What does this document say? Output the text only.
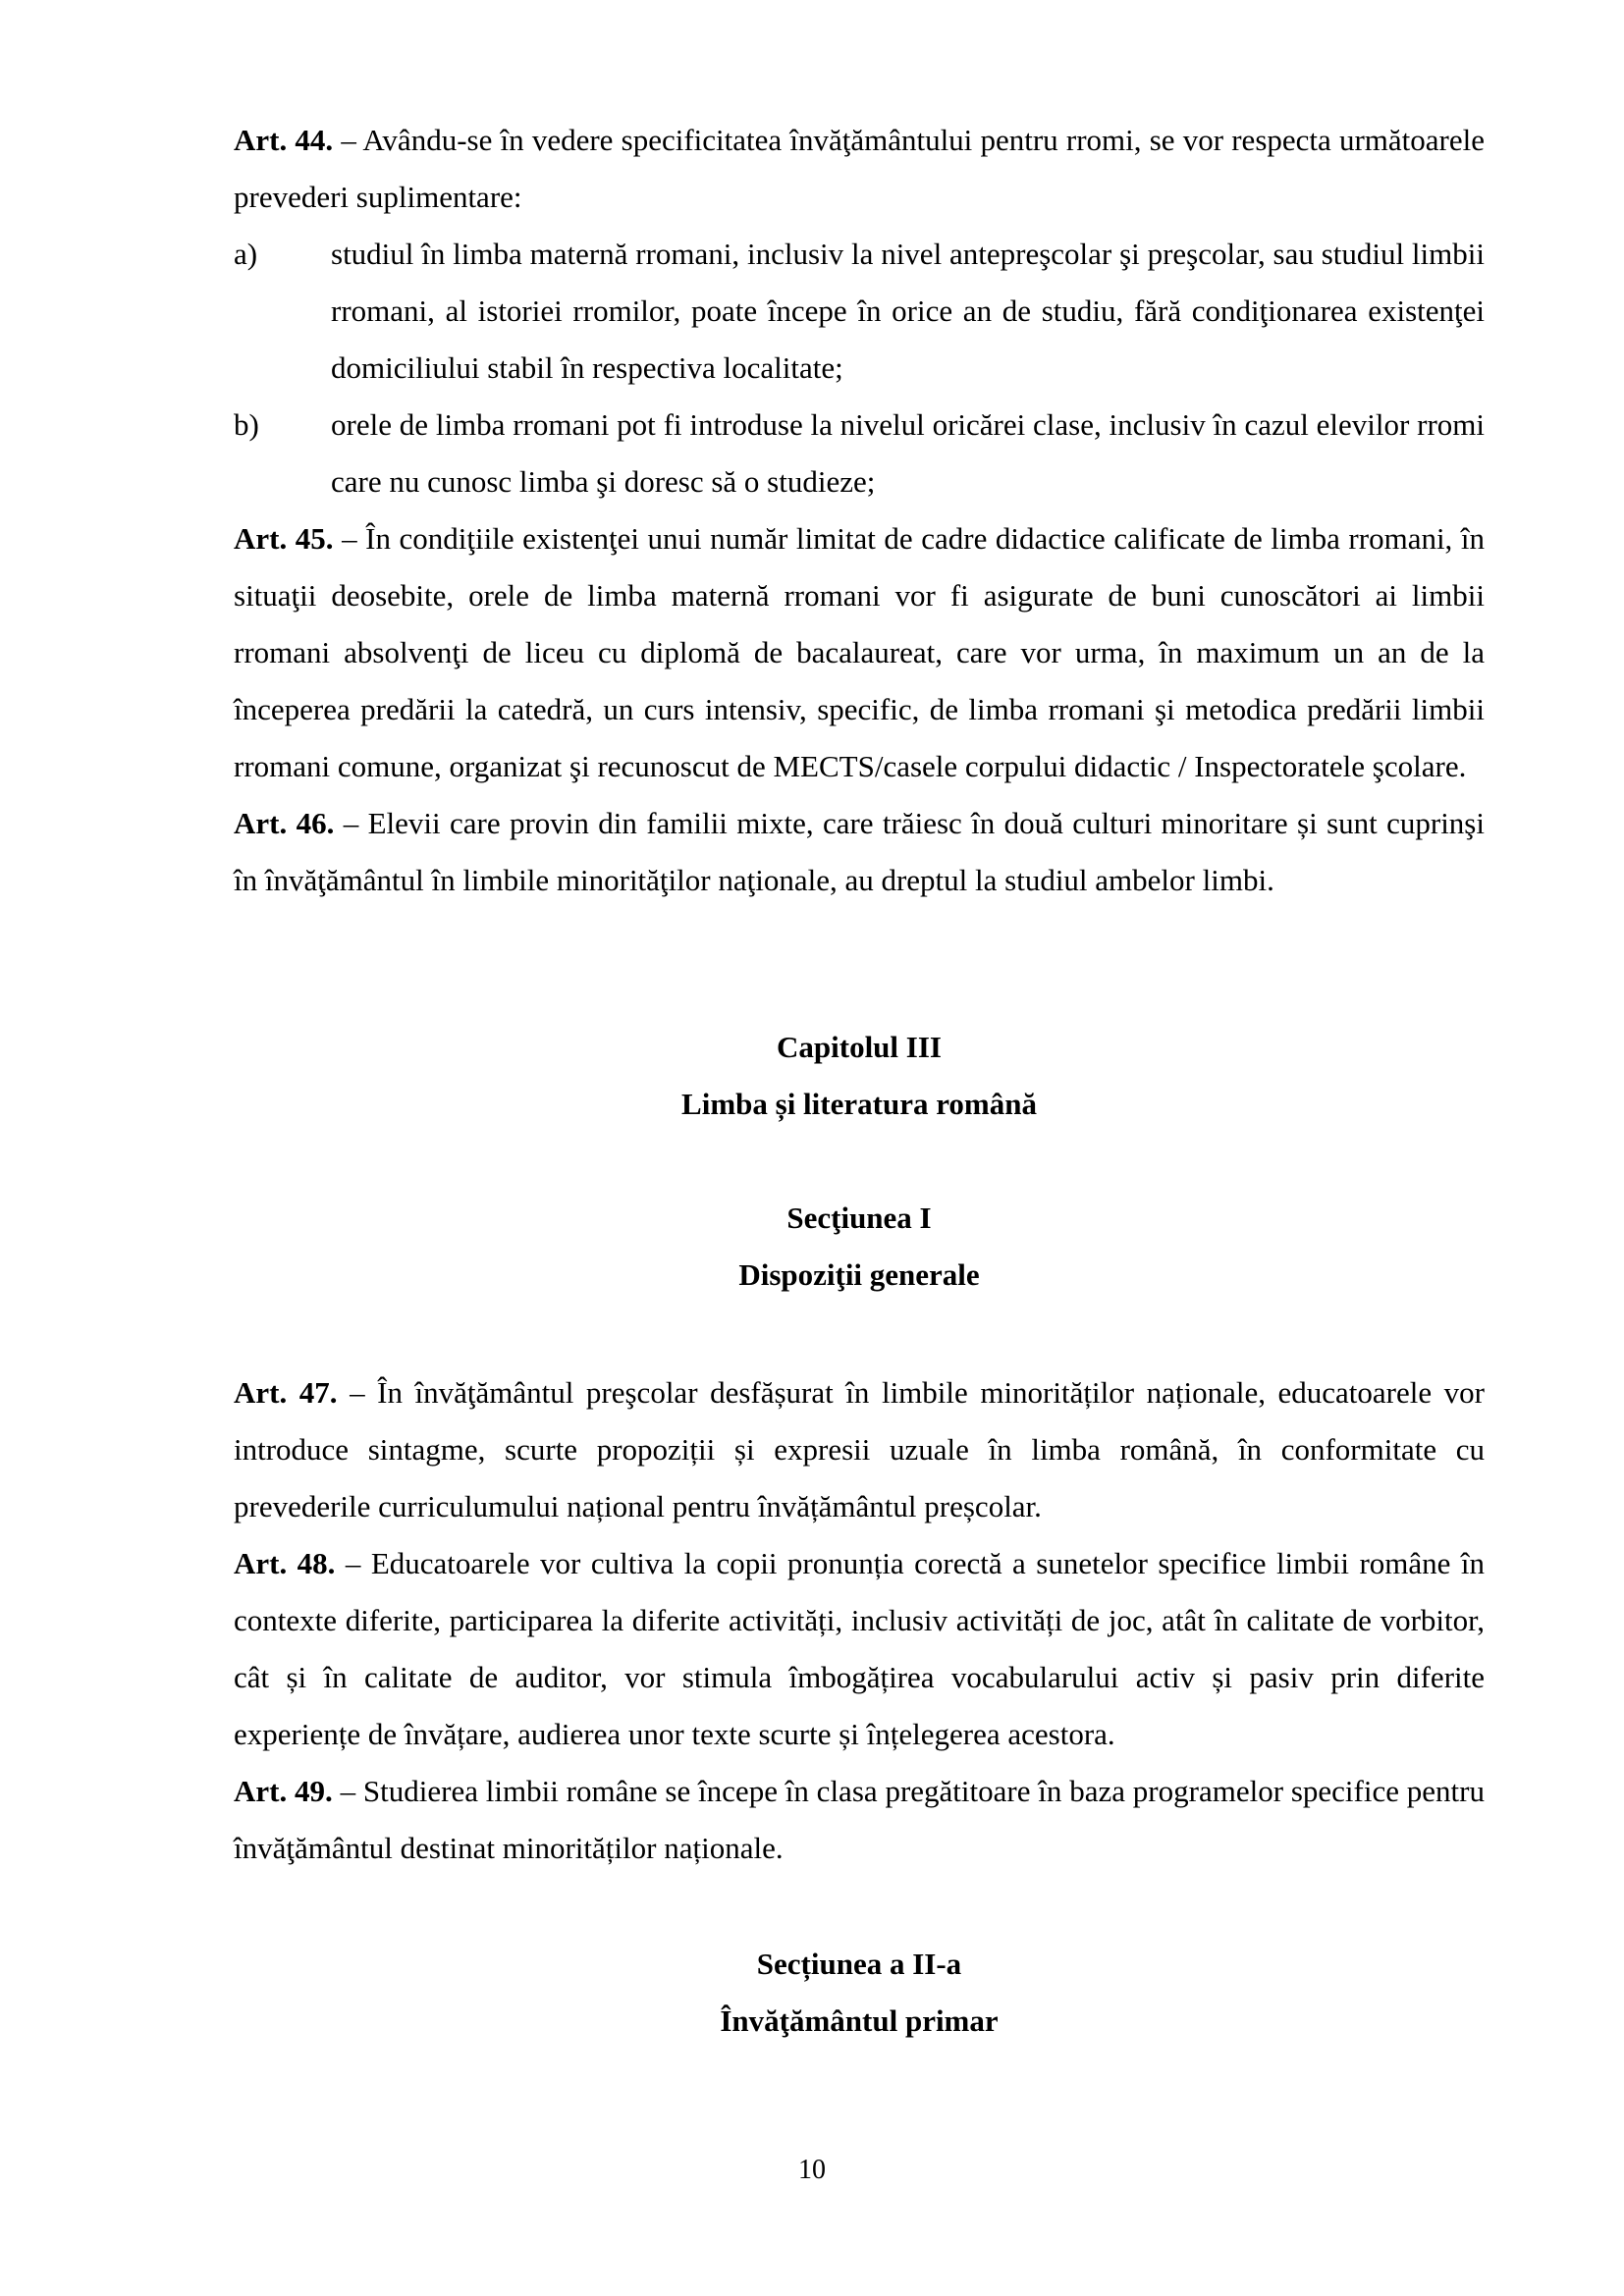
Art. 44. – Avându-se în vedere specificitatea învăţământului pentru rromi, se vor respecta următoarele prevederi suplimentare:

a) studiul în limba maternă rromani, inclusiv la nivel antepreşcolar şi preşcolar, sau studiul limbii rromani, al istoriei rromilor, poate începe în orice an de studiu, fără condiţionarea existenţei domiciliului stabil în respectiva localitate;

b) orele de limba rromani pot fi introduse la nivelul oricărei clase, inclusiv în cazul elevilor rromi care nu cunosc limba şi doresc să o studieze;

Art. 45. – În condiţiile existenţei unui număr limitat de cadre didactice calificate de limba rromani, în situaţii deosebite, orele de limba maternă rromani vor fi asigurate de buni cunoscători ai limbii rromani absolvenţi de liceu cu diplomă de bacalaureat, care vor urma, în maximum un an de la începerea predării la catedră, un curs intensiv, specific, de limba rromani şi metodica predării limbii rromani comune, organizat şi recunoscut de MECTS/casele corpului didactic / Inspectoratele şcolare.

Art. 46. – Elevii care provin din familii mixte, care trăiesc în două culturi minoritare și sunt cuprinşi în învăţământul în limbile minorităţilor naţionale, au dreptul la studiul ambelor limbi.

Capitolul III

Limba și literatura română

Secţiunea I

Dispoziţii generale

Art. 47. – În învăţământul preşcolar desfășurat în limbile minorităților naționale, educatoarele vor introduce sintagme, scurte propoziții și expresii uzuale în limba română, în conformitate cu prevederile curriculumului național pentru învățământul preșcolar.

Art. 48. – Educatoarele vor cultiva la copii pronunția corectă a sunetelor specifice limbii române în contexte diferite, participarea la diferite activități, inclusiv activități de joc, atât în calitate de vorbitor, cât și în calitate de auditor, vor stimula îmbogățirea vocabularului activ și pasiv prin diferite experiențe de învățare, audierea unor texte scurte și înțelegerea acestora.

Art. 49. – Studierea limbii române se începe în clasa pregătitoare în baza programelor specifice pentru învăţământul destinat minorităților naționale.

Secțiunea a II-a

Învăţământul primar

10
